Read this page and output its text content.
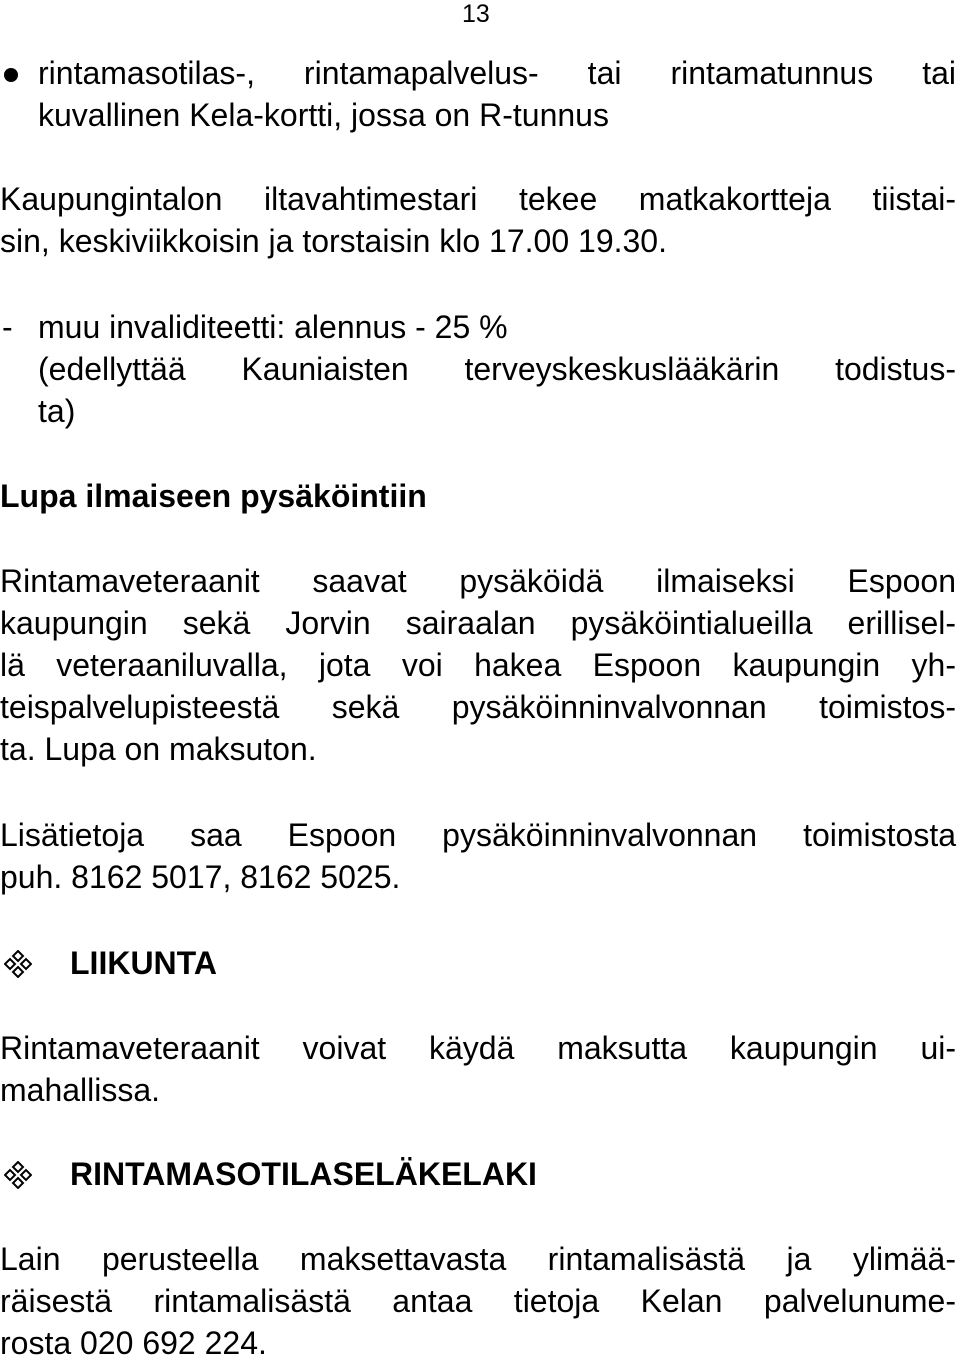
13
rintamasotilas-, rintamapalvelus- tai rintamatunnus tai
kuvallinen Kela-kortti, jossa on R-tunnus
Kaupungintalon iltavahtimestari tekee matkakortteja tiistai-
sin, keskiviikkoisin ja torstaisin klo 17.00 19.30.
- muu invaliditeetti: alennus - 25 %
(edellyttää Kauniaisten terveyskeskuslääkärin todistus-
ta)
Lupa ilmaiseen pysäköintiin
Rintamaveteraanit saavat pysäköidä ilmaiseksi Espoon
kaupungin sekä Jorvin sairaalan pysäköintialueilla erillisel-
lä veteraaniluvalla, jota voi hakea Espoon kaupungin yh-
teispalvelupisteestä sekä pysäköinninvalvonnan toimistos-
ta. Lupa on maksuton.
Lisätietoja saa Espoon pysäköinninvalvonnan toimistosta
puh. 8162 5017, 8162 5025.
LIIKUNTA
Rintamaveteraanit voivat käydä maksutta kaupungin ui-
mahallissa.
RINTAMASOTILASELÄKELAKI
Lain perusteella maksettavasta rintamalisästä ja ylimää-
räisestä rintamalisästä antaa tietoja Kelan palvelunume-
rosta 020 692 224.
